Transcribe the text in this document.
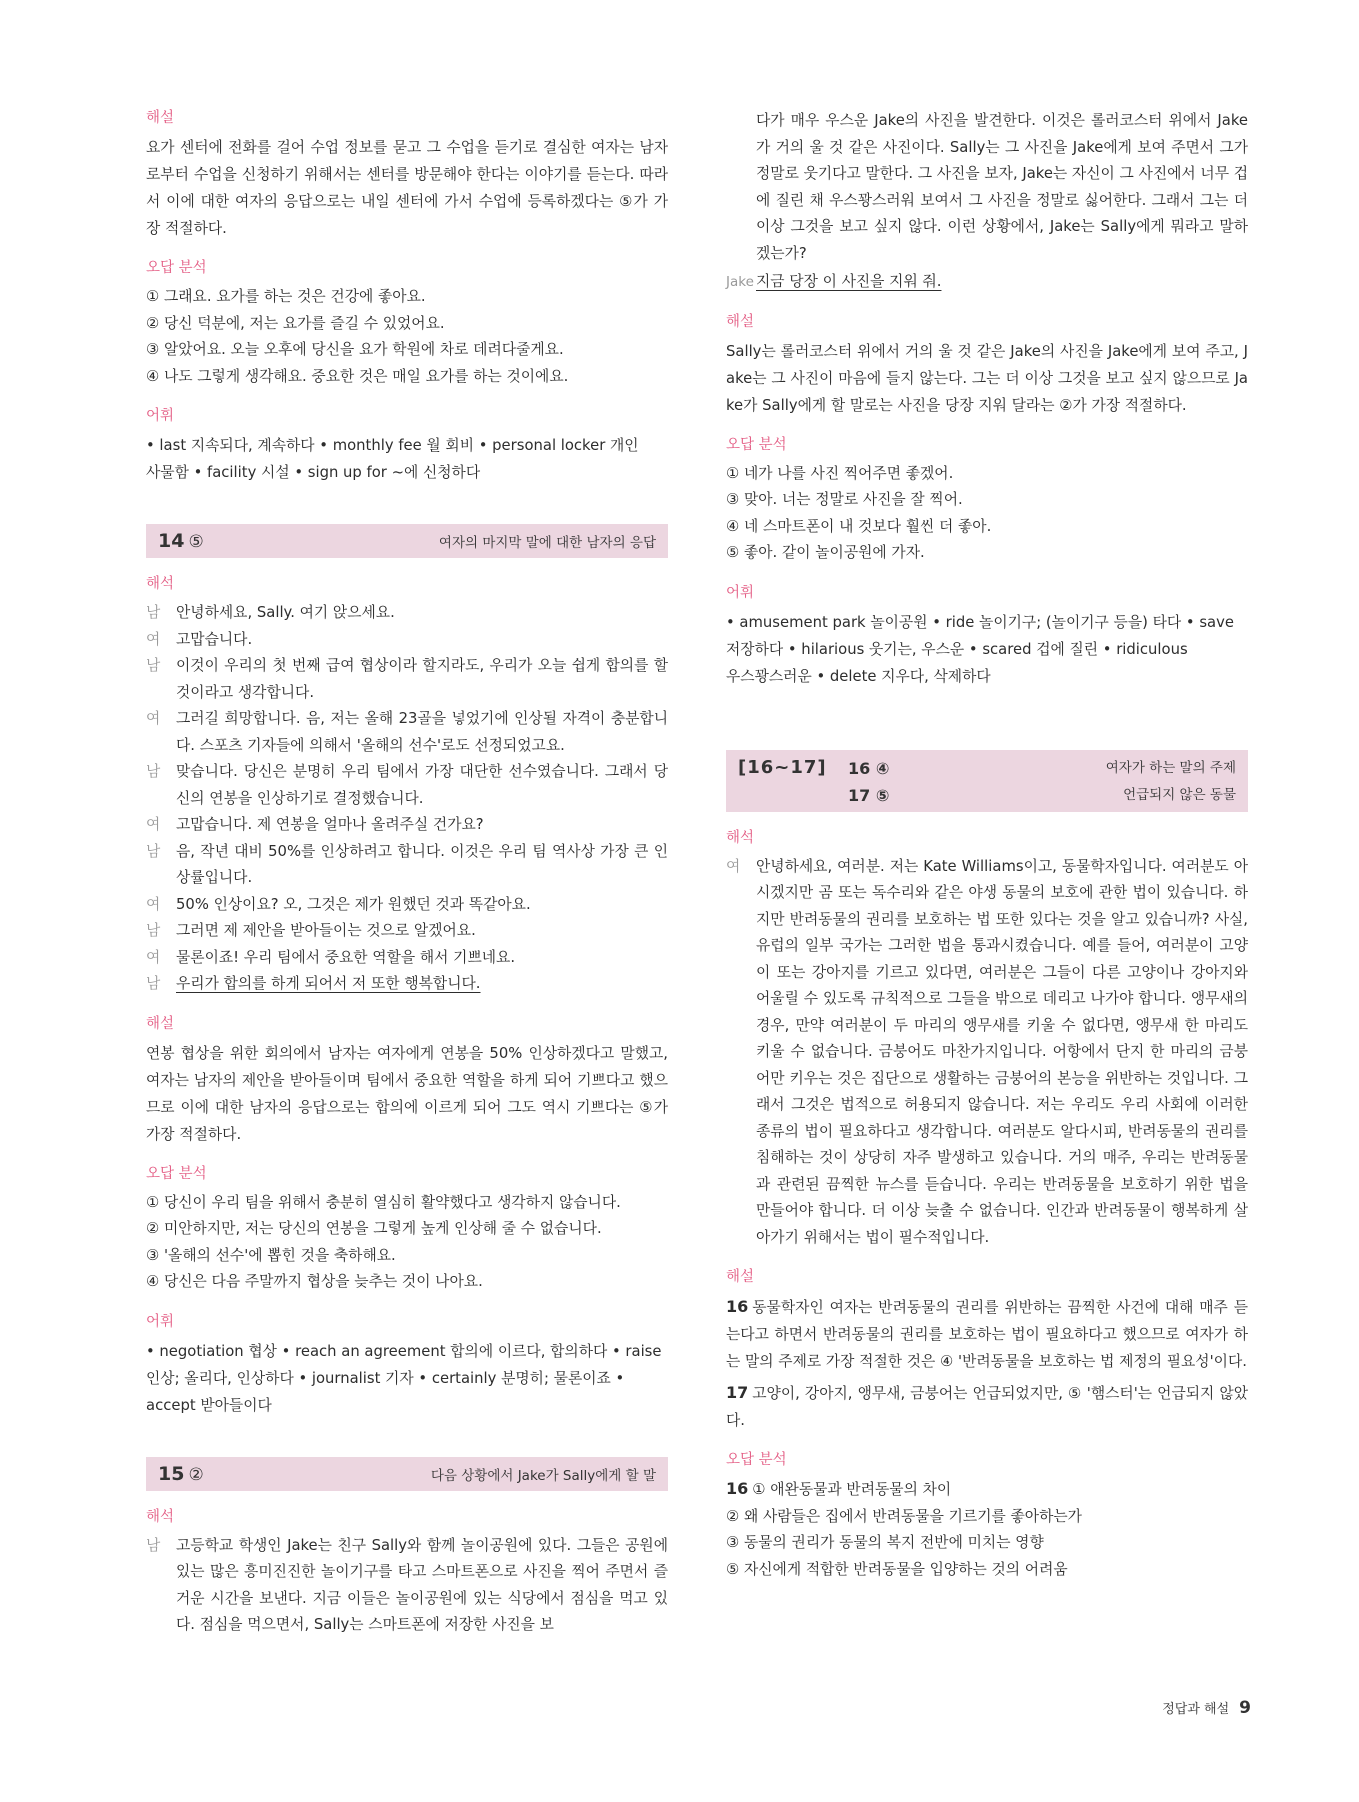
해설
요가 센터에 전화를 걸어 수업 정보를 묻고 그 수업을 듣기로 결심한 여자는 남자로부터 수업을 신청하기 위해서는 센터를 방문해야 한다는 이야기를 듣는다. 따라서 이에 대한 여자의 응답으로는 내일 센터에 가서 수업에 등록하겠다는 ⑤가 가장 적절하다.
오답 분석
① 그래요. 요가를 하는 것은 건강에 좋아요.
② 당신 덕분에, 저는 요가를 즐길 수 있었어요.
③ 알았어요. 오늘 오후에 당신을 요가 학원에 차로 데려다줄게요.
④ 나도 그렇게 생각해요. 중요한 것은 매일 요가를 하는 것이에요.
어휘
• last 지속되다, 계속하다 • monthly fee 월 회비 • personal locker 개인 사물함 • facility 시설 • sign up for ∼에 신청하다
14 ⑤	여자의 마지막 말에 대한 남자의 응답
해석
남	안녕하세요, Sally. 여기 앉으세요.
여	고맙습니다.
남	이것이 우리의 첫 번째 급여 협상이라 할지라도, 우리가 오늘 쉽게 합의를 할 것이라고 생각합니다.
여	그러길 희망합니다. 음, 저는 올해 23골을 넣었기에 인상될 자격이 충분합니다. 스포츠 기자들에 의해서 '올해의 선수'로도 선정되었고요.
남	맞습니다. 당신은 분명히 우리 팀에서 가장 대단한 선수였습니다. 그래서 당신의 연봉을 인상하기로 결정했습니다.
여	고맙습니다. 제 연봉을 얼마나 올려주실 건가요?
남	음, 작년 대비 50%를 인상하려고 합니다. 이것은 우리 팀 역사상 가장 큰 인상률입니다.
여	50% 인상이요? 오, 그것은 제가 원했던 것과 똑같아요.
남	그러면 제 제안을 받아들이는 것으로 알겠어요.
여	물론이죠! 우리 팀에서 중요한 역할을 해서 기쁘네요.
남	우리가 합의를 하게 되어서 저 또한 행복합니다.
해설
연봉 협상을 위한 회의에서 남자는 여자에게 연봉을 50% 인상하겠다고 말했고, 여자는 남자의 제안을 받아들이며 팀에서 중요한 역할을 하게 되어 기쁘다고 했으므로 이에 대한 남자의 응답으로는 합의에 이르게 되어 그도 역시 기쁘다는 ⑤가 가장 적절하다.
오답 분석
① 당신이 우리 팀을 위해서 충분히 열심히 활약했다고 생각하지 않습니다.
② 미안하지만, 저는 당신의 연봉을 그렇게 높게 인상해 줄 수 없습니다.
③ '올해의 선수'에 뽑힌 것을 축하해요.
④ 당신은 다음 주말까지 협상을 늦추는 것이 나아요.
어휘
• negotiation 협상 • reach an agreement 합의에 이르다, 합의하다 • raise 인상; 올리다, 인상하다 • journalist 기자 • certainly 분명히; 물론이죠 • accept 받아들이다
15 ②	다음 상황에서 Jake가 Sally에게 할 말
해석
남	고등학교 학생인 Jake는 친구 Sally와 함께 놀이공원에 있다. 그들은 공원에 있는 많은 흥미진진한 놀이기구를 타고 스마트폰으로 사진을 찍어 주면서 즐거운 시간을 보낸다. 지금 이들은 놀이공원에 있는 식당에서 점심을 먹고 있다. 점심을 먹으면서, Sally는 스마트폰에 저장한 사진을 보
다가 매우 우스운 Jake의 사진을 발견한다. 이것은 롤러코스터 위에서 Jake가 거의 울 것 같은 사진이다. Sally는 그 사진을 Jake에게 보여 주면서 그가 정말로 웃기다고 말한다. 그 사진을 보자, Jake는 자신이 그 사진에서 너무 겁에 질린 채 우스꽝스러워 보여서 그 사진을 정말로 싫어한다. 그래서 그는 더 이상 그것을 보고 싶지 않다. 이런 상황에서, Jake는 Sally에게 뭐라고 말하겠는가?
Jake 지금 당장 이 사진을 지워 줘.
해설
Sally는 롤러코스터 위에서 거의 울 것 같은 Jake의 사진을 Jake에게 보여 주고, Jake는 그 사진이 마음에 들지 않는다. 그는 더 이상 그것을 보고 싶지 않으므로 Jake가 Sally에게 할 말로는 사진을 당장 지워 달라는 ②가 가장 적절하다.
오답 분석
① 네가 나를 사진 찍어주면 좋겠어.
③ 맞아. 너는 정말로 사진을 잘 찍어.
④ 네 스마트폰이 내 것보다 훨씬 더 좋아.
⑤ 좋아. 같이 놀이공원에 가자.
어휘
• amusement park 놀이공원 • ride 놀이기구; (놀이기구 등을) 타다 • save 저장하다 • hilarious 웃기는, 우스운 • scared 겁에 질린 • ridiculous 우스꽝스러운 • delete 지우다, 삭제하다
[16~17]	16 ④	여자가 하는 말의 주제
17 ⑤	언급되지 않은 동물
해석
여	안녕하세요, 여러분. 저는 Kate Williams이고, 동물학자입니다. 여러분도 아시겠지만 곰 또는 독수리와 같은 야생 동물의 보호에 관한 법이 있습니다. 하지만 반려동물의 권리를 보호하는 법 또한 있다는 것을 알고 있습니까? 사실, 유럽의 일부 국가는 그러한 법을 통과시켰습니다. 예를 들어, 여러분이 고양이 또는 강아지를 기르고 있다면, 여러분은 그들이 다른 고양이나 강아지와 어울릴 수 있도록 규칙적으로 그들을 밖으로 데리고 나가야 합니다. 앵무새의 경우, 만약 여러분이 두 마리의 앵무새를 키울 수 없다면, 앵무새 한 마리도 키울 수 없습니다. 금붕어도 마찬가지입니다. 어항에서 단지 한 마리의 금붕어만 키우는 것은 집단으로 생활하는 금붕어의 본능을 위반하는 것입니다. 그래서 그것은 법적으로 허용되지 않습니다. 저는 우리도 우리 사회에 이러한 종류의 법이 필요하다고 생각합니다. 여러분도 알다시피, 반려동물의 권리를 침해하는 것이 상당히 자주 발생하고 있습니다. 거의 매주, 우리는 반려동물과 관련된 끔찍한 뉴스를 듣습니다. 우리는 반려동물을 보호하기 위한 법을 만들어야 합니다. 더 이상 늦출 수 없습니다. 인간과 반려동물이 행복하게 살아가기 위해서는 법이 필수적입니다.
해설
16 동물학자인 여자는 반려동물의 권리를 위반하는 끔찍한 사건에 대해 매주 듣는다고 하면서 반려동물의 권리를 보호하는 법이 필요하다고 했으므로 여자가 하는 말의 주제로 가장 적절한 것은 ④ '반려동물을 보호하는 법 제정의 필요성'이다.
17 고양이, 강아지, 앵무새, 금붕어는 언급되었지만, ⑤ '햄스터'는 언급되지 않았다.
오답 분석
16 ① 애완동물과 반려동물의 차이
② 왜 사람들은 집에서 반려동물을 기르기를 좋아하는가
③ 동물의 권리가 동물의 복지 전반에 미치는 영향
⑤ 자신에게 적합한 반려동물을 입양하는 것의 어려움
정답과 해설 9
